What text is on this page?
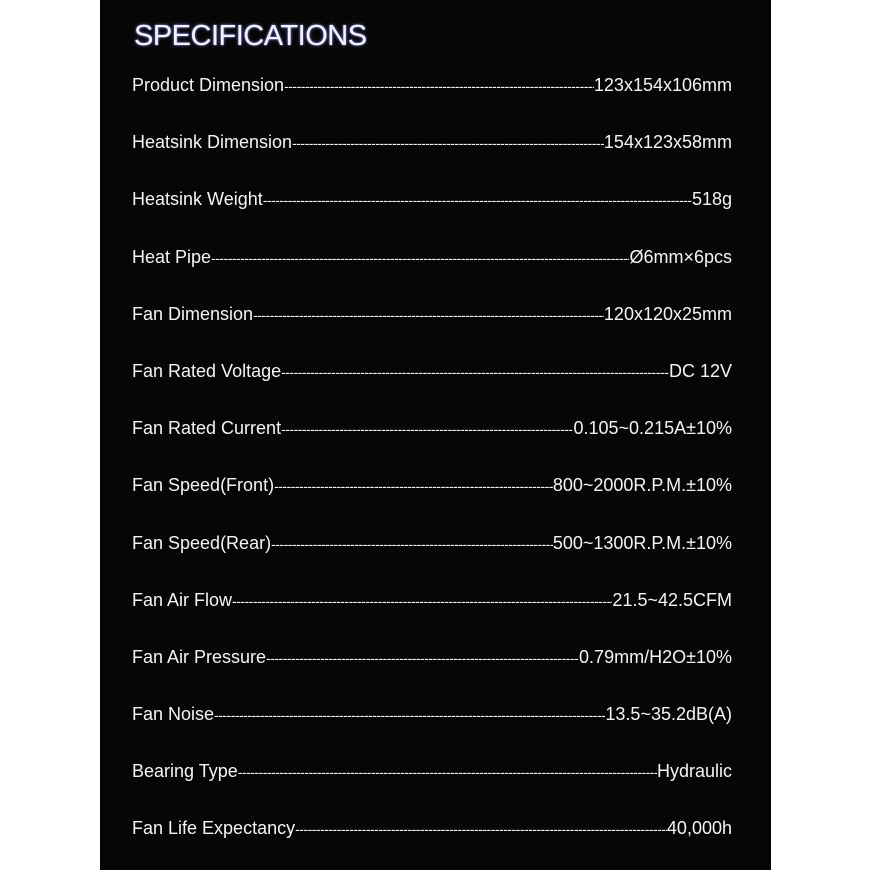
SPECIFICATIONS
Product Dimension -----	123x154x106mm
Heatsink Dimension -----	154x123x58mm
Heatsink Weight -----	518g
Heat Pipe -----	Ø6mm×6pcs
Fan Dimension -----	120x120x25mm
Fan Rated Voltage -----	DC 12V
Fan Rated Current -----	0.105~0.215A±10%
Fan Speed(Front) -----	800~2000R.P.M.±10%
Fan Speed(Rear) -----	500~1300R.P.M.±10%
Fan Air Flow -----	21.5~42.5CFM
Fan Air Pressure -----	0.79mm/H2O±10%
Fan Noise -----	13.5~35.2dB(A)
Bearing Type -----	Hydraulic
Fan Life Expectancy -----	40,000h
